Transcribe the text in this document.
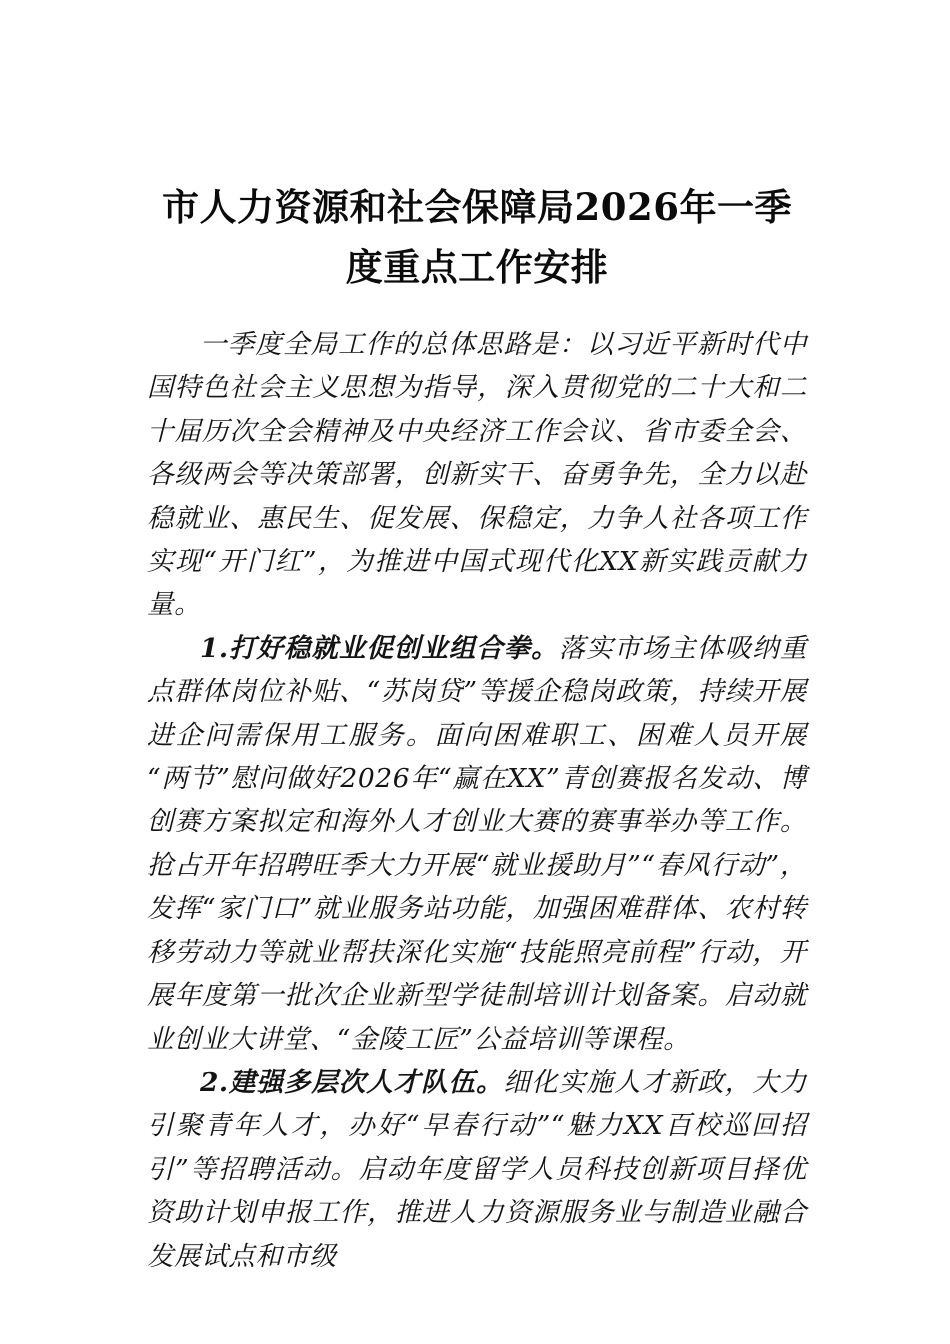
市人力资源和社会保障局2026年一季度重点工作安排

一季度全局工作的总体思路是：以习近平新时代中国特色社会主义思想为指导，深入贯彻党的二十大和二十届历次全会精神及中央经济工作会议、省市委全会、各级两会等决策部署，创新实干、奋勇争先，全力以赴稳就业、惠民生、促发展、保稳定，力争人社各项工作实现“开门红”，为推进中国式现代化XX新实践贡献力量。

1.打好稳就业促创业组合拳。落实市场主体吸纳重点群体岗位补贴、“苏岗贷”等援企稳岗政策，持续开展进企问需保用工服务。面向困难职工、困难人员开展“两节”慰问做好2026年“赢在XX”青创赛报名发动、博创赛方案拟定和海外人才创业大赛的赛事举办等工作。抢占开年招聘旺季大力开展“就业援助月”“春风行动”，发挥“家门口”就业服务站功能，加强困难群体、农村转移劳动力等就业帮扶深化实施“技能照亮前程”行动，开展年度第一批次企业新型学徒制培训计划备案。启动就业创业大讲堂、“金陵工匠”公益培训等课程。

2.建强多层次人才队伍。细化实施人才新政，大力引聚青年人才，办好“早春行动”“魅力XX百校巡回招引”等招聘活动。启动年度留学人员科技创新项目择优资助计划申报工作，推进人力资源服务业与制造业融合发展试点和市级
